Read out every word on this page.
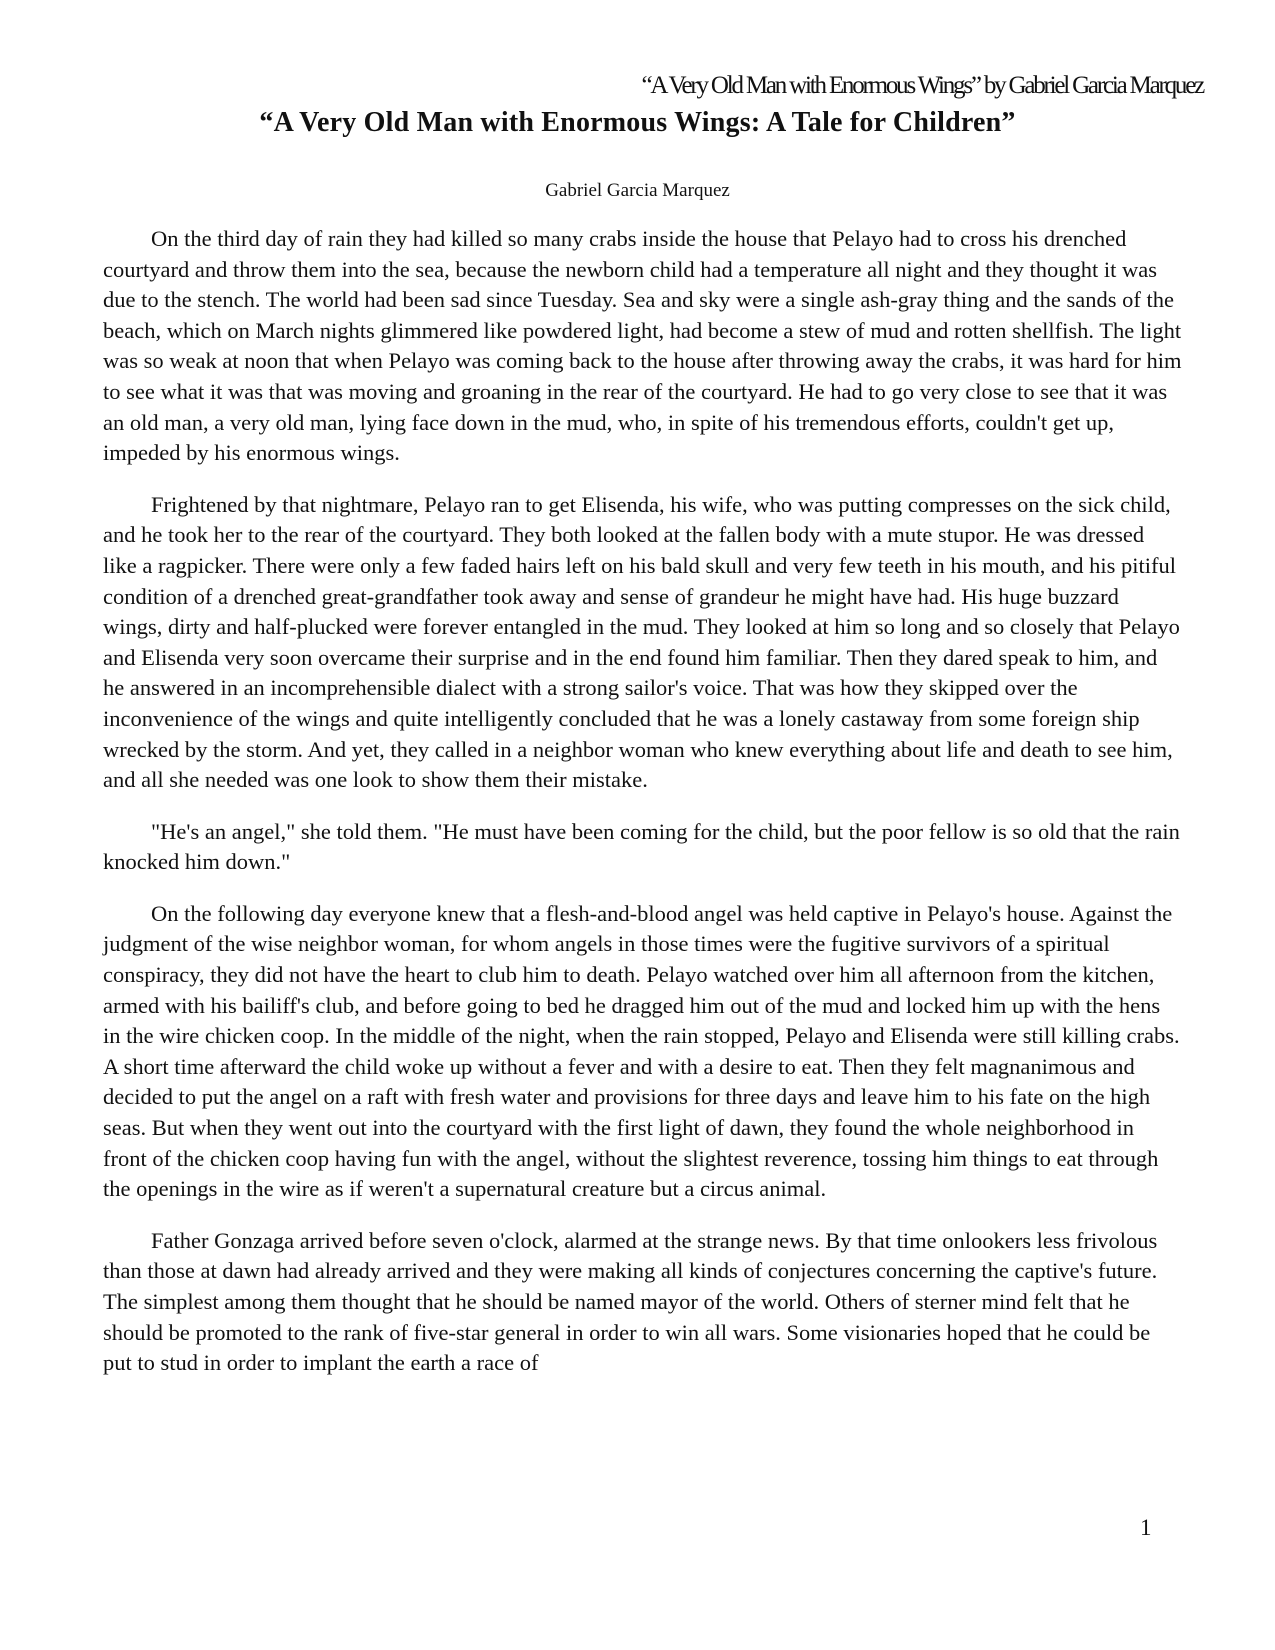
“A Very Old Man with Enormous Wings” by Gabriel Garcia Marquez
“A Very Old Man with Enormous Wings: A Tale for Children”
Gabriel Garcia Marquez

On the third day of rain they had killed so many crabs inside the house that Pelayo had to cross his drenched courtyard and throw them into the sea, because the newborn child had a temperature all night and they thought it was due to the stench. The world had been sad since Tuesday. Sea and sky were a single ash-gray thing and the sands of the beach, which on March nights glimmered like powdered light, had become a stew of mud and rotten shellfish. The light was so weak at noon that when Pelayo was coming back to the house after throwing away the crabs, it was hard for him to see what it was that was moving and groaning in the rear of the courtyard. He had to go very close to see that it was an old man, a very old man, lying face down in the mud, who, in spite of his tremendous efforts, couldn't get up, impeded by his enormous wings.

Frightened by that nightmare, Pelayo ran to get Elisenda, his wife, who was putting compresses on the sick child, and he took her to the rear of the courtyard. They both looked at the fallen body with a mute stupor. He was dressed like a ragpicker. There were only a few faded hairs left on his bald skull and very few teeth in his mouth, and his pitiful condition of a drenched great-grandfather took away and sense of grandeur he might have had. His huge buzzard wings, dirty and half-plucked were forever entangled in the mud. They looked at him so long and so closely that Pelayo and Elisenda very soon overcame their surprise and in the end found him familiar. Then they dared speak to him, and he answered in an incomprehensible dialect with a strong sailor's voice. That was how they skipped over the inconvenience of the wings and quite intelligently concluded that he was a lonely castaway from some foreign ship wrecked by the storm. And yet, they called in a neighbor woman who knew everything about life and death to see him, and all she needed was one look to show them their mistake.

"He's an angel," she told them. "He must have been coming for the child, but the poor fellow is so old that the rain knocked him down."

On the following day everyone knew that a flesh-and-blood angel was held captive in Pelayo's house. Against the judgment of the wise neighbor woman, for whom angels in those times were the fugitive survivors of a spiritual conspiracy, they did not have the heart to club him to death. Pelayo watched over him all afternoon from the kitchen, armed with his bailiff's club, and before going to bed he dragged him out of the mud and locked him up with the hens in the wire chicken coop. In the middle of the night, when the rain stopped, Pelayo and Elisenda were still killing crabs. A short time afterward the child woke up without a fever and with a desire to eat. Then they felt magnanimous and decided to put the angel on a raft with fresh water and provisions for three days and leave him to his fate on the high seas. But when they went out into the courtyard with the first light of dawn, they found the whole neighborhood in front of the chicken coop having fun with the angel, without the slightest reverence, tossing him things to eat through the openings in the wire as if weren't a supernatural creature but a circus animal.

Father Gonzaga arrived before seven o'clock, alarmed at the strange news. By that time onlookers less frivolous than those at dawn had already arrived and they were making all kinds of conjectures concerning the captive's future. The simplest among them thought that he should be named mayor of the world. Others of sterner mind felt that he should be promoted to the rank of five-star general in order to win all wars. Some visionaries hoped that he could be put to stud in order to implant the earth a race of

1
